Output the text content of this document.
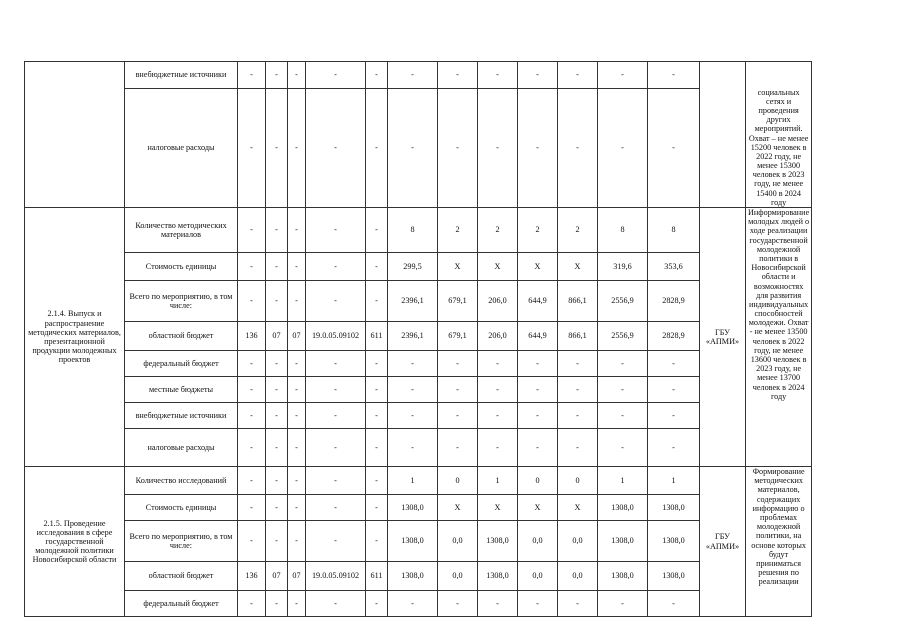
	внебюджетные источники	-	-	-	-	-	-	-	-	-	-	-	-		социальных сетях и проведения других мероприятий. Охват – не менее 15200 человек в 2022 году, не менее 15300 человек в 2023 году, не менее 15400 в 2024 году
	налоговые расходы	-	-	-	-	-	-	-	-	-	-	-	-		
2.1.4. Выпуск и распространение методических материалов, презентационной продукции молодежных проектов	Количество методических материалов	-	-	-	-	-	8	2	2	2	2	8	8	ГБУ «АПМИ»	Информирование молодых людей о ходе реализации государственной молодежной политики в Новосибирской области и возможностях для развития индивидуальных способностей молодежи. Охват - не менее 13500 человек в 2022 году, не менее 13600 человек в 2023 году, не менее 13700 человек в 2024 году
	Стоимость единицы	-	-	-	-	-	299,5	Х	Х	Х	Х	319,6	353,6		
	Всего по мероприятию, в том числе:	-	-	-	-	-	2396,1	679,1	206,0	644,9	866,1	2556,9	2828,9		
	областной бюджет	136	07	07	19.0.05.09102	611	2396,1	679,1	206,0	644,9	866,1	2556,9	2828,9		
	федеральный бюджет	-	-	-	-	-	-	-	-	-	-	-	-		
	местные бюджеты	-	-	-	-	-	-	-	-	-	-	-	-		
	внебюджетные источники	-	-	-	-	-	-	-	-	-	-	-	-		
	налоговые расходы	-	-	-	-	-	-	-	-	-	-	-	-		
2.1.5. Проведение исследования в сфере государственной молодежной политики Новосибирской области	Количество исследований	-	-	-	-	-	1	0	1	0	0	1	1	ГБУ «АПМИ»	Формирование методических материалов, содержащих информацию о проблемах молодежной политики, на основе которых будут приниматься решения по реализации
	Стоимость единицы	-	-	-	-	-	1308,0	Х	Х	Х	Х	1308,0	1308,0		
	Всего по мероприятию, в том числе:	-	-	-	-	-	1308,0	0,0	1308,0	0,0	0,0	1308,0	1308,0		
	областной бюджет	136	07	07	19.0.05.09102	611	1308,0	0,0	1308,0	0,0	0,0	1308,0	1308,0		
	федеральный бюджет	-	-	-	-	-	-	-	-	-	-	-	-		
